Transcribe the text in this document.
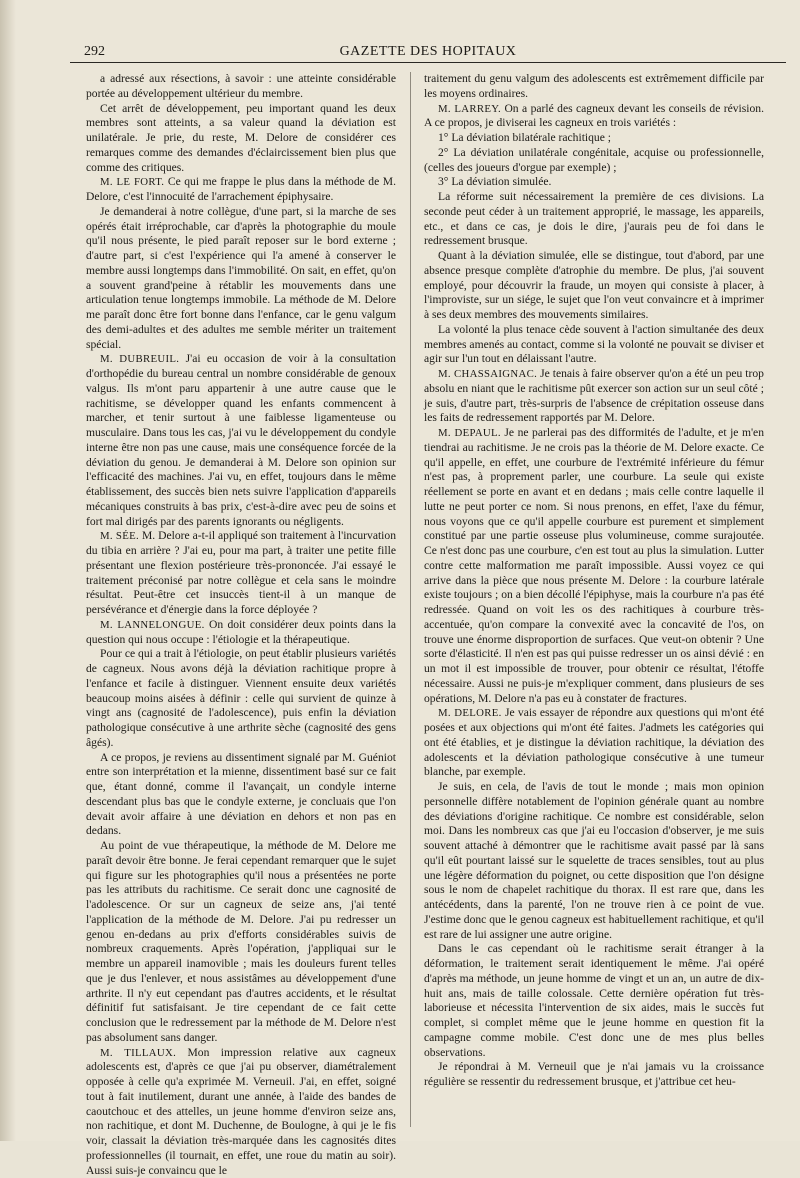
292	GAZETTE DES HOPITAUX

a adressé aux résections, à savoir : une atteinte considérable portée au développement ultérieur du membre.

Cet arrêt de développement, peu important quand les deux membres sont atteints, a sa valeur quand la déviation est unilatérale. Je prie, du reste, M. Delore de considérer ces remarques comme des demandes d'éclaircissement bien plus que comme des critiques.

M. LE FORT. Ce qui me frappe le plus dans la méthode de M. Delore, c'est l'innocuité de l'arrachement épiphysaire.

Je demanderai à notre collègue, d'une part, si la marche de ses opérés était irréprochable, car d'après la photographie du moule qu'il nous présente, le pied paraît reposer sur le bord externe ; d'autre part, si c'est l'expérience qui l'a amené à conserver le membre aussi longtemps dans l'immobilité. On sait, en effet, qu'on a souvent grand'peine à rétablir les mouvements dans une articulation tenue longtemps immobile. La méthode de M. Delore me paraît donc être fort bonne dans l'enfance, car le genu valgum des demi-adultes et des adultes me semble mériter un traitement spécial.

M. DUBREUIL. J'ai eu occasion de voir à la consultation d'orthopédie du bureau central un nombre considérable de genoux valgus. Ils m'ont paru appartenir à une autre cause que le rachitisme, se développer quand les enfants commencent à marcher, et tenir surtout à une faiblesse ligamenteuse ou musculaire. Dans tous les cas, j'ai vu le développement du condyle interne être non pas une cause, mais une conséquence forcée de la déviation du genou. Je demanderai à M. Delore son opinion sur l'efficacité des machines. J'ai vu, en effet, toujours dans le même établissement, des succès bien nets suivre l'application d'appareils mécaniques construits à bas prix, c'est-à-dire avec peu de soins et fort mal dirigés par des parents ignorants ou négligents.

M. SÉE. M. Delore a-t-il appliqué son traitement à l'incurvation du tibia en arrière ? J'ai eu, pour ma part, à traiter une petite fille présentant une flexion postérieure très-prononcée. J'ai essayé le traitement préconisé par notre collègue et cela sans le moindre résultat. Peut-être cet insuccès tient-il à un manque de persévérance et d'énergie dans la force déployée ?

M. LANNELONGUE. On doit considérer deux points dans la question qui nous occupe : l'étiologie et la thérapeutique.

Pour ce qui a trait à l'étiologie, on peut établir plusieurs variétés de cagneux. Nous avons déjà la déviation rachitique propre à l'enfance et facile à distinguer. Viennent ensuite deux variétés beaucoup moins aisées à définir : celle qui survient de quinze à vingt ans (cagnosité de l'adolescence), puis enfin la déviation pathologique consécutive à une arthrite sèche (cagnosité des gens âgés).

A ce propos, je reviens au dissentiment signalé par M. Guéniot entre son interprétation et la mienne, dissentiment basé sur ce fait que, étant donné, comme il l'avançait, un condyle interne descendant plus bas que le condyle externe, je concluais que l'on devait avoir affaire à une déviation en dehors et non pas en dedans.

Au point de vue thérapeutique, la méthode de M. Delore me paraît devoir être bonne. Je ferai cependant remarquer que le sujet qui figure sur les photographies qu'il nous a présentées ne porte pas les attributs du rachitisme. Ce serait donc une cagnosité de l'adolescence. Or sur un cagneux de seize ans, j'ai tenté l'application de la méthode de M. Delore. J'ai pu redresser un genou en-dedans au prix d'efforts considérables suivis de nombreux craquements. Après l'opération, j'appliquai sur le membre un appareil inamovible ; mais les douleurs furent telles que je dus l'enlever, et nous assistâmes au développement d'une arthrite. Il n'y eut cependant pas d'autres accidents, et le résultat définitif fut satisfaisant. Je tire cependant de ce fait cette conclusion que le redressement par la méthode de M. Delore n'est pas absolument sans danger.

M. TILLAUX. Mon impression relative aux cagneux adolescents est, d'après ce que j'ai pu observer, diamétralement opposée à celle qu'a exprimée M. Verneuil. J'ai, en effet, soigné tout à fait inutilement, durant une année, à l'aide des bandes de caoutchouc et des attelles, un jeune homme d'environ seize ans, non rachitique, et dont M. Duchenne, de Boulogne, à qui je le fis voir, classait la déviation très-marquée dans les cagnosités dites professionnelles (il tournait, en effet, une roue du matin au soir). Aussi suis-je convaincu que le

traitement du genu valgum des adolescents est extrêmement difficile par les moyens ordinaires.

M. LARREY. On a parlé des cagneux devant les conseils de révision. A ce propos, je diviserai les cagneux en trois variétés :

1° La déviation bilatérale rachitique ;

2° La déviation unilatérale congénitale, acquise ou professionnelle, (celles des joueurs d'orgue par exemple) ;

3° La déviation simulée.

La réforme suit nécessairement la première de ces divisions. La seconde peut céder à un traitement approprié, le massage, les appareils, etc., et dans ce cas, je dois le dire, j'aurais peu de foi dans le redressement brusque.

Quant à la déviation simulée, elle se distingue, tout d'abord, par une absence presque complète d'atrophie du membre. De plus, j'ai souvent employé, pour découvrir la fraude, un moyen qui consiste à placer, à l'improviste, sur un siége, le sujet que l'on veut convaincre et à imprimer à ses deux membres des mouvements similaires.

La volonté la plus tenace cède souvent à l'action simultanée des deux membres amenés au contact, comme si la volonté ne pouvait se diviser et agir sur l'un tout en délaissant l'autre.

M. CHASSAIGNAC. Je tenais à faire observer qu'on a été un peu trop absolu en niant que le rachitisme pût exercer son action sur un seul côté ; je suis, d'autre part, très-surpris de l'absence de crépitation osseuse dans les faits de redressement rapportés par M. Delore.

M. DEPAUL. Je ne parlerai pas des difformités de l'adulte, et je m'en tiendrai au rachitisme. Je ne crois pas la théorie de M. Delore exacte. Ce qu'il appelle, en effet, une courbure de l'extrémité inférieure du fémur n'est pas, à proprement parler, une courbure. La seule qui existe réellement se porte en avant et en dedans ; mais celle contre laquelle il lutte ne peut porter ce nom. Si nous prenons, en effet, l'axe du fémur, nous voyons que ce qu'il appelle courbure est purement et simplement constitué par une partie osseuse plus volumineuse, comme surajoutée. Ce n'est donc pas une courbure, c'en est tout au plus la simulation. Lutter contre cette malformation me paraît impossible. Aussi voyez ce qui arrive dans la pièce que nous présente M. Delore : la courbure latérale existe toujours ; on a bien décollé l'épiphyse, mais la courbure n'a pas été redressée. Quand on voit les os des rachitiques à courbure très-accentuée, qu'on compare la convexité avec la concavité de l'os, on trouve une énorme disproportion de surfaces. Que veut-on obtenir ? Une sorte d'élasticité. Il n'en est pas qui puisse redresser un os ainsi dévié : en un mot il est impossible de trouver, pour obtenir ce résultat, l'étoffe nécessaire. Aussi ne puis-je m'expliquer comment, dans plusieurs de ses opérations, M. Delore n'a pas eu à constater de fractures.

M. DELORE. Je vais essayer de répondre aux questions qui m'ont été posées et aux objections qui m'ont été faites. J'admets les catégories qui ont été établies, et je distingue la déviation rachitique, la déviation des adolescents et la déviation pathologique consécutive à une tumeur blanche, par exemple.

Je suis, en cela, de l'avis de tout le monde ; mais mon opinion personnelle diffère notablement de l'opinion générale quant au nombre des déviations d'origine rachitique. Ce nombre est considérable, selon moi. Dans les nombreux cas que j'ai eu l'occasion d'observer, je me suis souvent attaché à démontrer que le rachitisme avait passé par là sans qu'il eût pourtant laissé sur le squelette de traces sensibles, tout au plus une légère déformation du poignet, ou cette disposition que l'on désigne sous le nom de chapelet rachitique du thorax. Il est rare que, dans les antécédents, dans la parenté, l'on ne trouve rien à ce point de vue. J'estime donc que le genou cagneux est habituellement rachitique, et qu'il est rare de lui assigner une autre origine.

Dans le cas cependant où le rachitisme serait étranger à la déformation, le traitement serait identiquement le même. J'ai opéré d'après ma méthode, un jeune homme de vingt et un an, un autre de dix-huit ans, mais de taille colossale. Cette dernière opération fut très-laborieuse et nécessita l'intervention de six aides, mais le succès fut complet, si complet même que le jeune homme en question fit la campagne comme mobile. C'est donc une de mes plus belles observations.

Je répondrai à M. Verneuil que je n'ai jamais vu la croissance régulière se ressentir du redressement brusque, et j'attribue cet heu-
